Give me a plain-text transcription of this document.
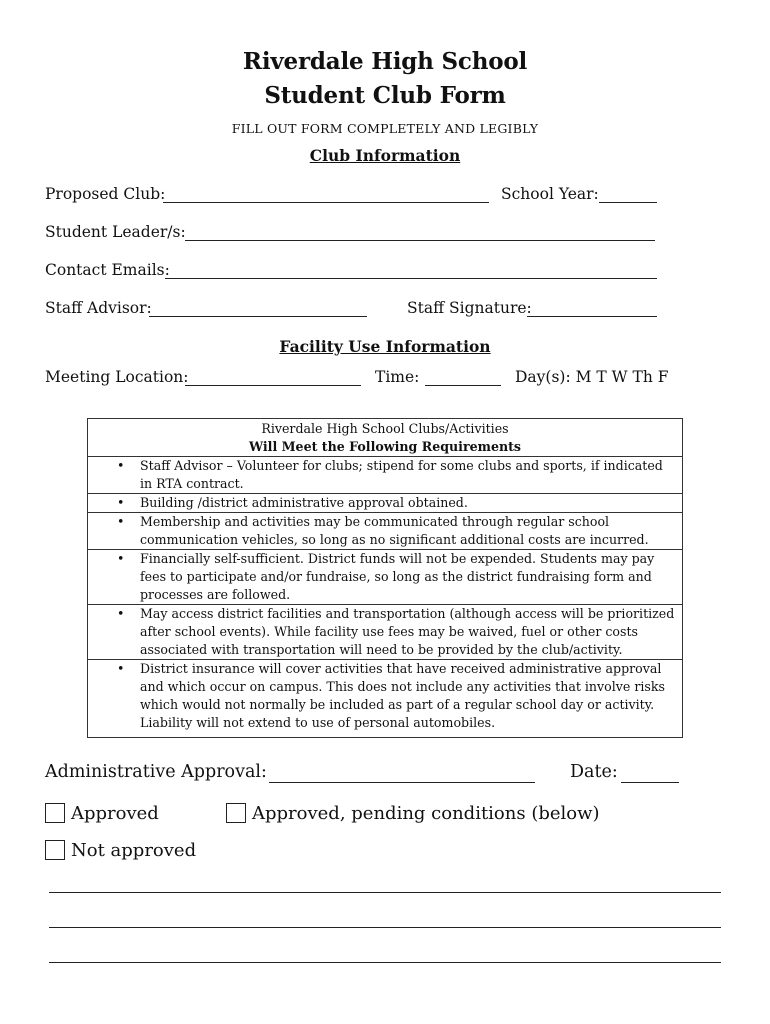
Riverdale High School
Student Club Form
FILL OUT FORM COMPLETELY AND LEGIBLY
Club Information
Proposed Club:	School Year:
Student Leader/s:
Contact Emails:
Staff Advisor:	Staff Signature:
Facility Use Information
Meeting Location:	Time:	Day(s): M T W Th F
Riverdale High School Clubs/Activities
Will Meet the Following Requirements
• Staff Advisor – Volunteer for clubs; stipend for some clubs and sports, if indicated in RTA contract.
• Building /district administrative approval obtained.
• Membership and activities may be communicated through regular school communication vehicles, so long as no significant additional costs are incurred.
• Financially self-sufficient. District funds will not be expended. Students may pay fees to participate and/or fundraise, so long as the district fundraising form and processes are followed.
• May access district facilities and transportation (although access will be prioritized after school events). While facility use fees may be waived, fuel or other costs associated with transportation will need to be provided by the club/activity.
• District insurance will cover activities that have received administrative approval and which occur on campus. This does not include any activities that involve risks which would not normally be included as part of a regular school day or activity. Liability will not extend to use of personal automobiles.
Administrative Approval:	Date:
Approved	Approved, pending conditions (below)
Not approved
